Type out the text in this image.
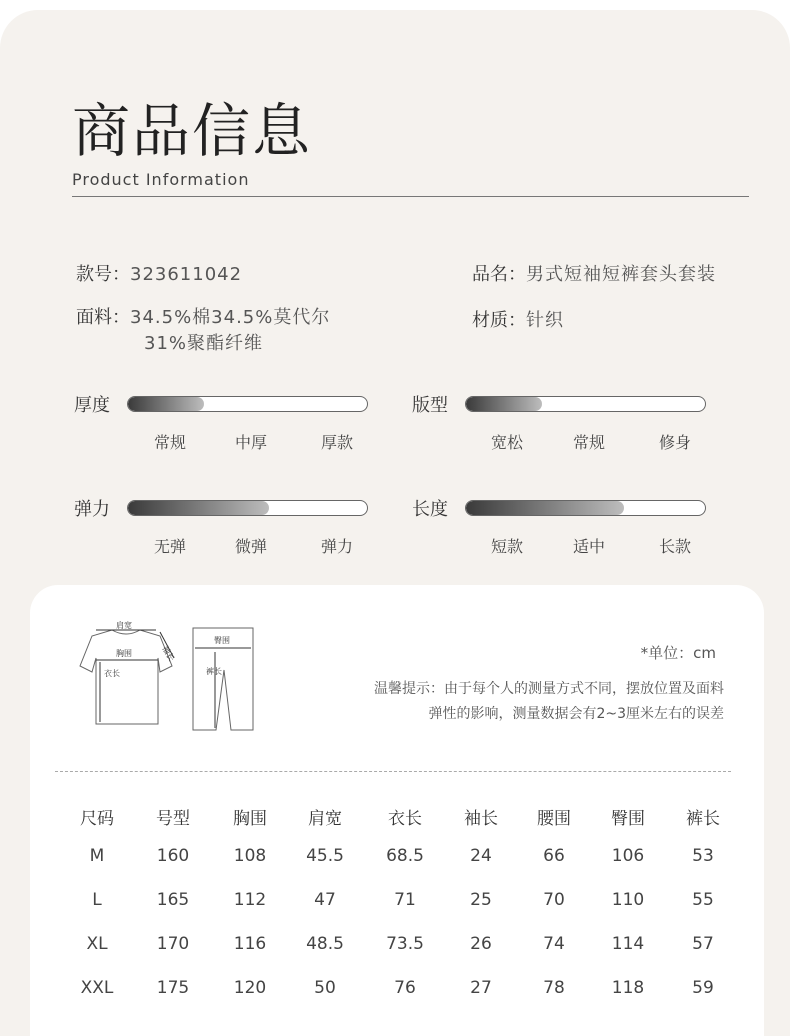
商品信息
Product Information
款号：323611042	品名：男式短袖短裤套头套装
面料：34.5%棉34.5%莫代尔
31%聚酯纤维
材质：针织
厚度
常规	中厚	厚款
版型
宽松	常规	修身
弹力
无弹	微弹	弹力
长度
短款	适中	长款
肩宽
袖长
胸围
衣长
臀围
裤长
*单位：cm
温馨提示：由于每个人的测量方式不同，摆放位置及面料
弹性的影响，测量数据会有2~3厘米左右的误差
尺码 号型	胸围 肩宽	衣长 袖长 腰围 臀围 裤长
M	160	108 45.5 68.5	24	66	106	53
L	165	112	47	71	25	70	110	55
XL	170	116 48.5 73.5	26	74	114	57
XXL	175	120	50	76	27	78	118	59
